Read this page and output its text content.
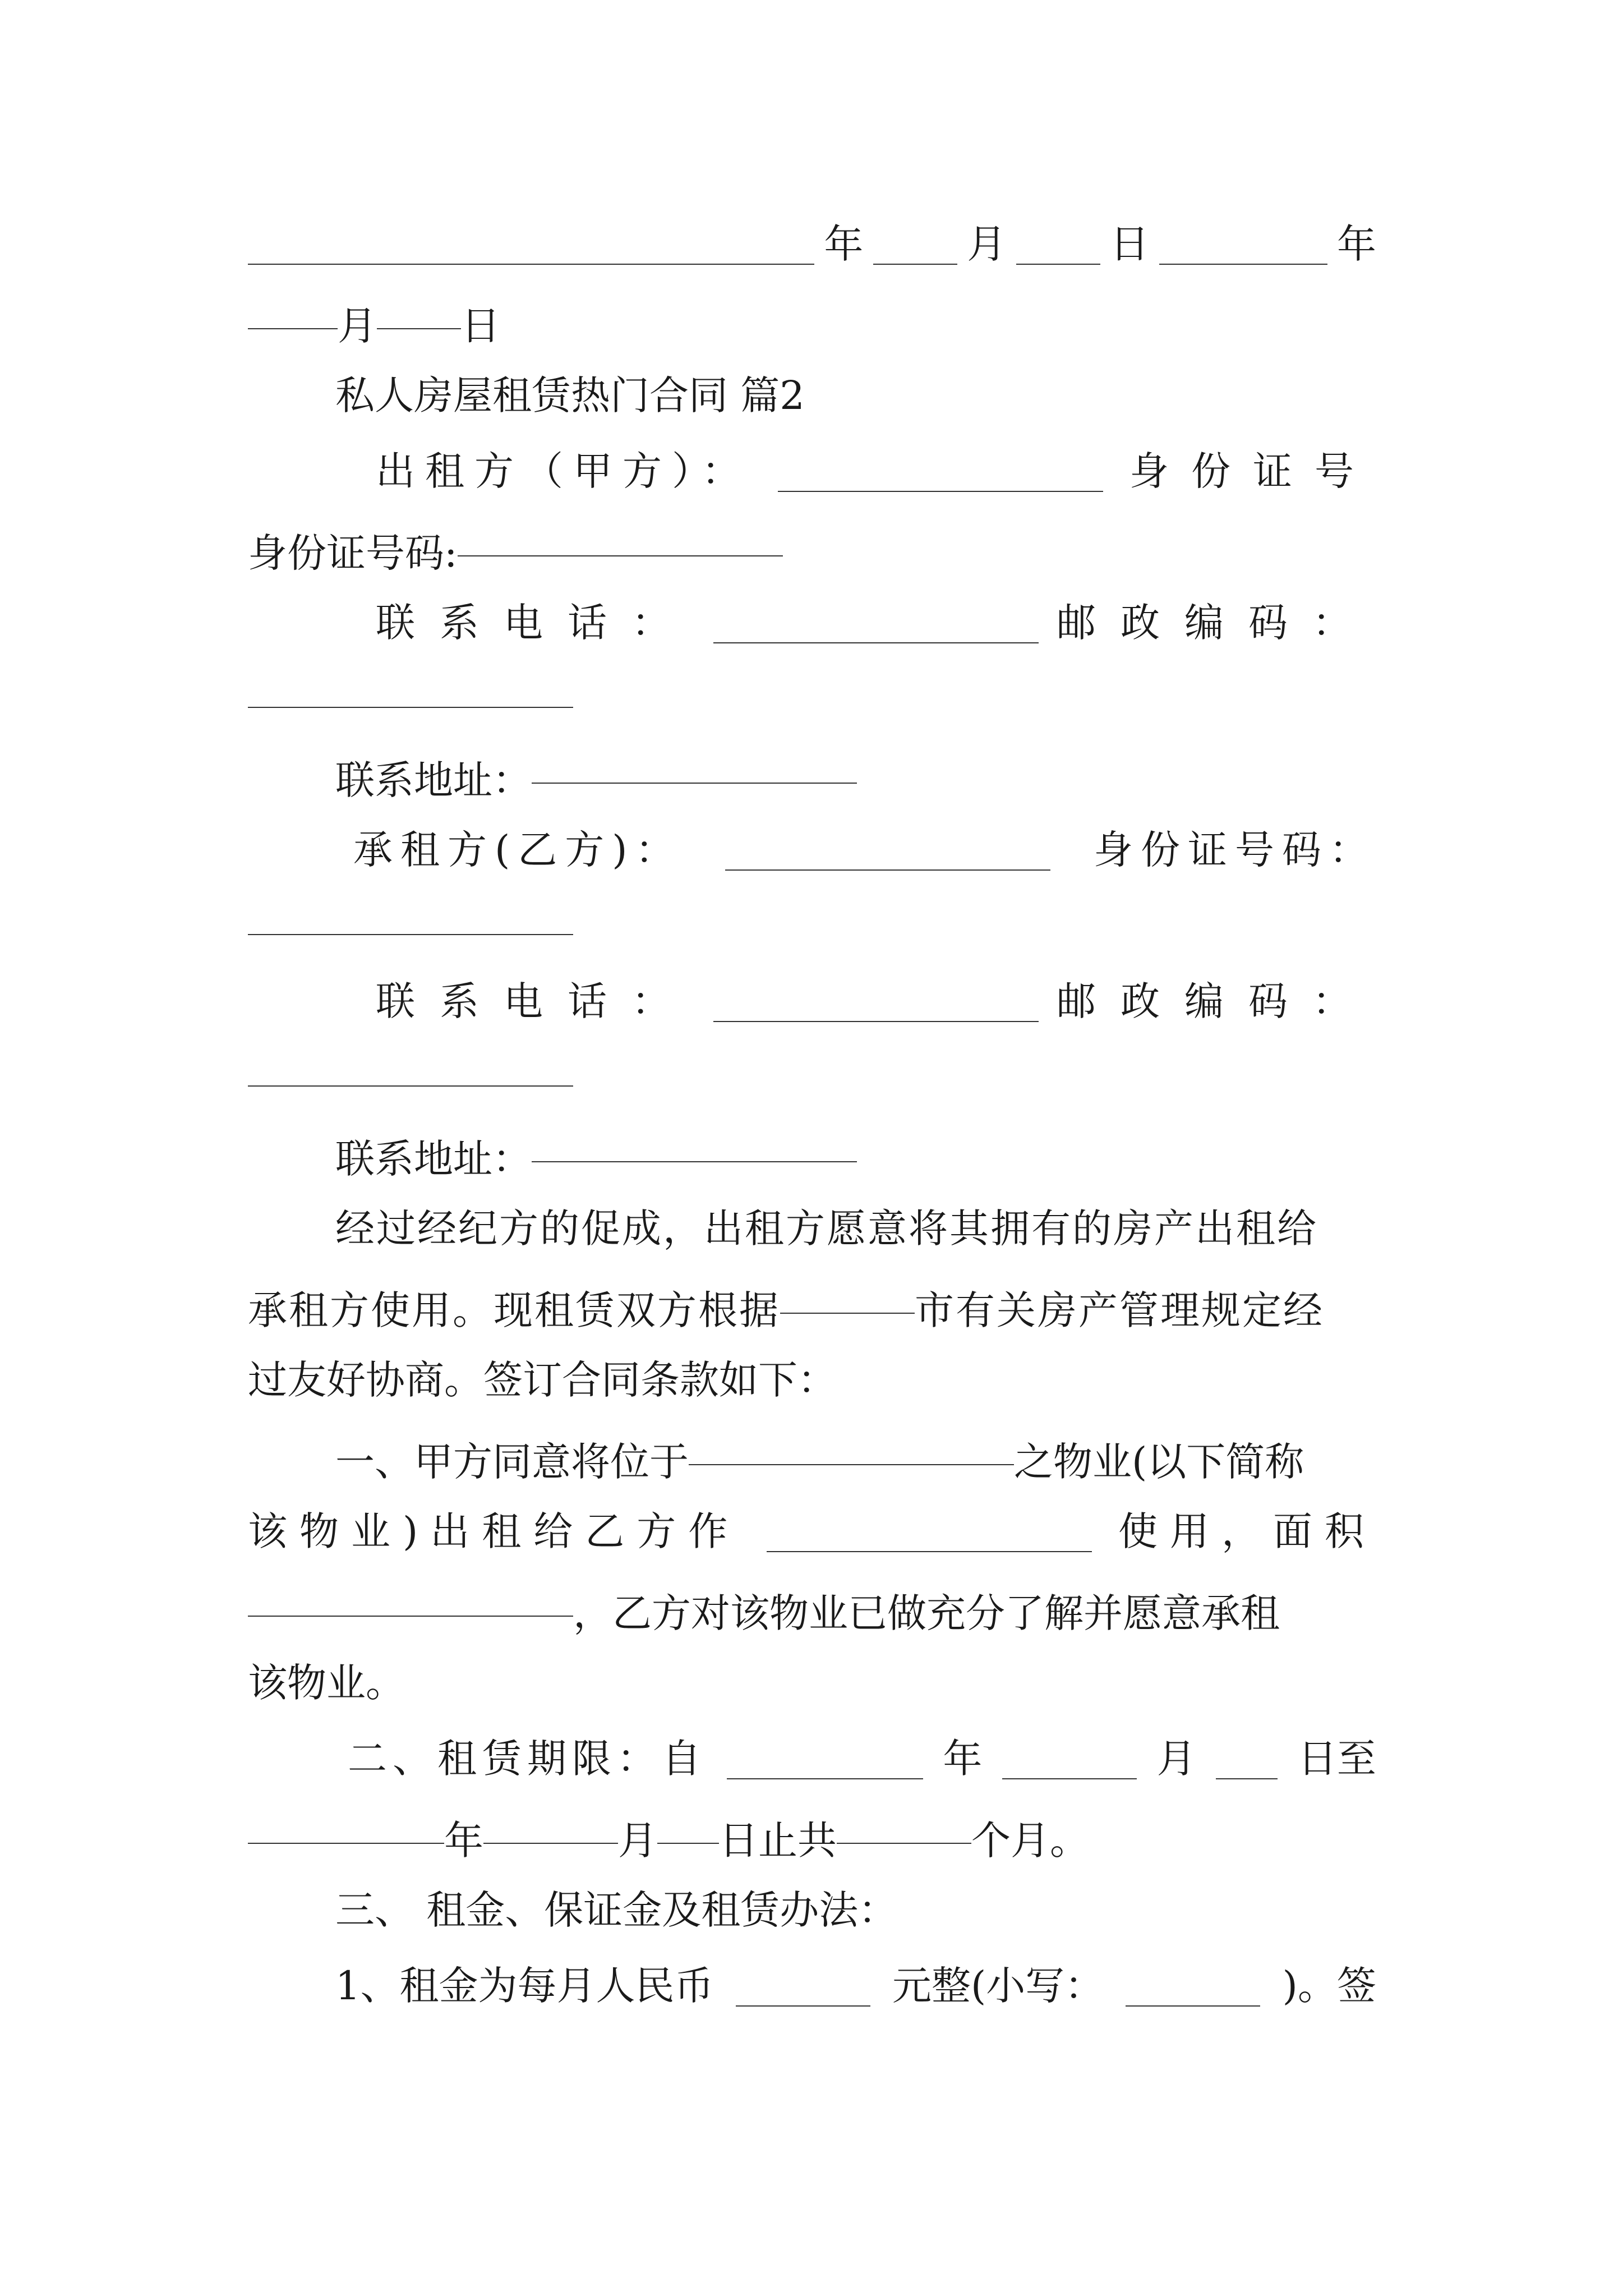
年	月	日	年
月 日
私人房屋租赁热门合同 篇2
出租方（甲方）：	身份证号
身份证号码:
联系电话：	邮政编码：
联系地址：
承租方(乙方)：	身份证号码：
联系电话：	邮政编码：
联系地址：
经过经纪方的促成，出租方愿意将其拥有的房产出租给
承租方使用。现租赁双方根据	市有关房产管理规定经
过友好协商。签订合同条款如下：
一、甲方同意将位于	之物业(以下简称
该物业)出租给乙方作	使用，面积
，乙方对该物业已做充分了解并愿意承租
该物业。
二、租赁期限：自	年	月	日至
年	月 日止共	个月。
三、 租金、保证金及租赁办法：
1、租金为每月人民币	元整(小写：	)。签
